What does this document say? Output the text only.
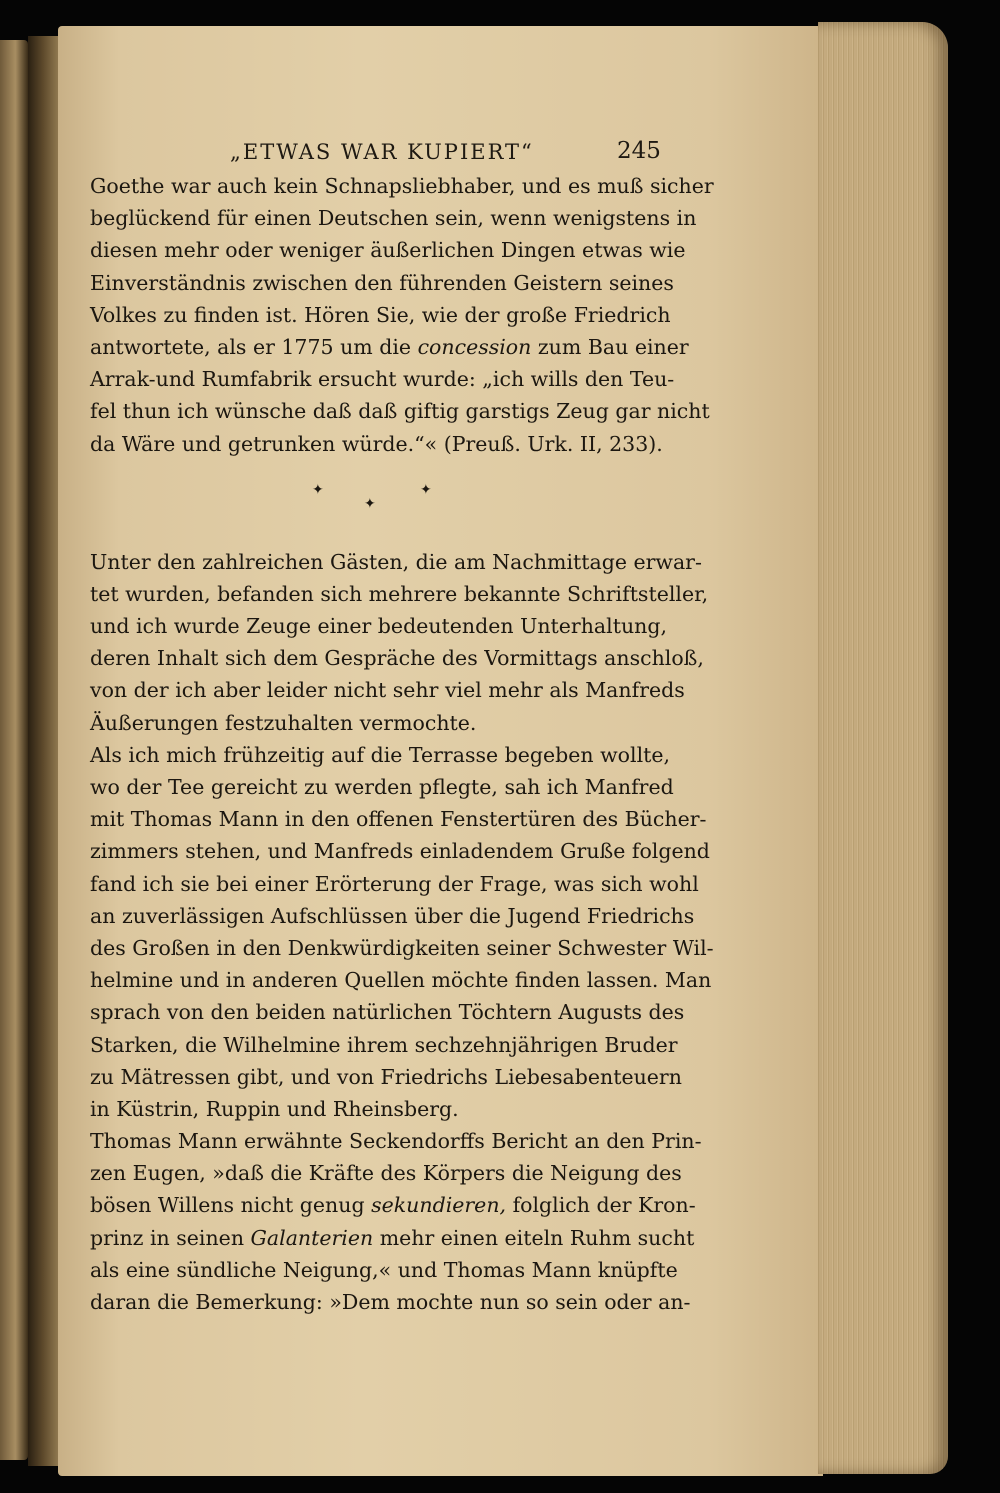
„ETWAS WAR KUPIERT“	245
Goethe war auch kein Schnapsliebhaber, und es muß sicher
beglückend für einen Deutschen sein, wenn wenigstens in
diesen mehr oder weniger äußerlichen Dingen etwas wie
Einverständnis zwischen den führenden Geistern seines
Volkes zu finden ist. Hören Sie, wie der große Friedrich
antwortete, als er 1775 um die concession zum Bau einer
Arrak-und Rumfabrik ersucht wurde: „ich wills den Teu-
fel thun ich wünsche daß daß giftig garstigs Zeug gar nicht
da Wäre und getrunken würde.“« (Preuß. Urk. II, 233).
✦	✦
✦
Unter den zahlreichen Gästen, die am Nachmittage erwar-
tet wurden, befanden sich mehrere bekannte Schriftsteller,
und ich wurde Zeuge einer bedeutenden Unterhaltung,
deren Inhalt sich dem Gespräche des Vormittags anschloß,
von der ich aber leider nicht sehr viel mehr als Manfreds
Äußerungen festzuhalten vermochte.
Als ich mich frühzeitig auf die Terrasse begeben wollte,
wo der Tee gereicht zu werden pflegte, sah ich Manfred
mit Thomas Mann in den offenen Fenstertüren des Bücher-
zimmers stehen, und Manfreds einladendem Gruße folgend
fand ich sie bei einer Erörterung der Frage, was sich wohl
an zuverlässigen Aufschlüssen über die Jugend Friedrichs
des Großen in den Denkwürdigkeiten seiner Schwester Wil-
helmine und in anderen Quellen möchte finden lassen. Man
sprach von den beiden natürlichen Töchtern Augusts des
Starken, die Wilhelmine ihrem sechzehnjährigen Bruder
zu Mätressen gibt, und von Friedrichs Liebesabenteuern
in Küstrin, Ruppin und Rheinsberg.
Thomas Mann erwähnte Seckendorffs Bericht an den Prin-
zen Eugen, »daß die Kräfte des Körpers die Neigung des
bösen Willens nicht genug sekundieren, folglich der Kron-
prinz in seinen Galanterien mehr einen eiteln Ruhm sucht
als eine sündliche Neigung,« und Thomas Mann knüpfte
daran die Bemerkung: »Dem mochte nun so sein oder an-
